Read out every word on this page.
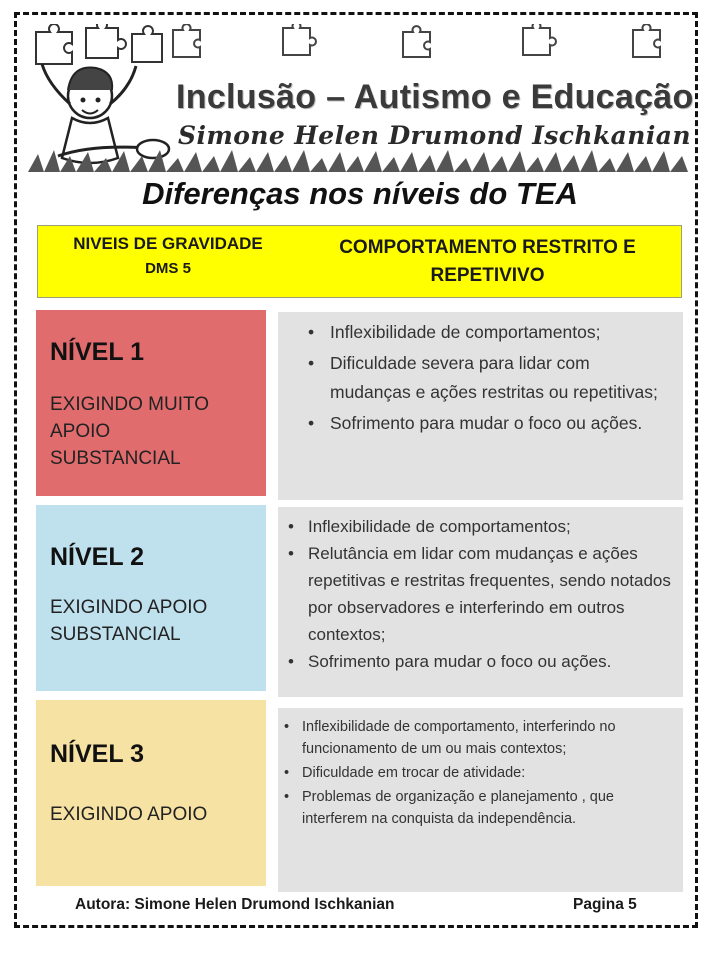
Inclusão – Autismo e Educação
Simone Helen Drumond Ischkanian
Diferenças nos níveis do TEA
NIVEIS DE GRAVIDADE
DMS 5
COMPORTAMENTO RESTRITO E
REPETIVIVO
NÍVEL 1
EXIGINDO MUITO
APOIO
SUBSTANCIAL
• Inflexibilidade de comportamentos;
• Dificuldade severa para lidar com mudanças e ações restritas ou repetitivas;
• Sofrimento para mudar o foco ou ações.
NÍVEL 2
EXIGINDO APOIO
SUBSTANCIAL
• Inflexibilidade de comportamentos;
• Relutância em lidar com mudanças e ações repetitivas e restritas frequentes, sendo notados por observadores e interferindo em outros contextos;
• Sofrimento para mudar o foco ou ações.
NÍVEL 3
EXIGINDO APOIO
• Inflexibilidade de comportamento, interferindo no funcionamento de um ou mais contextos;
• Dificuldade em trocar de atividade:
• Problemas de organização e planejamento , que interferem na conquista da independência.
Autora: Simone Helen Drumond Ischkanian	Pagina 5
